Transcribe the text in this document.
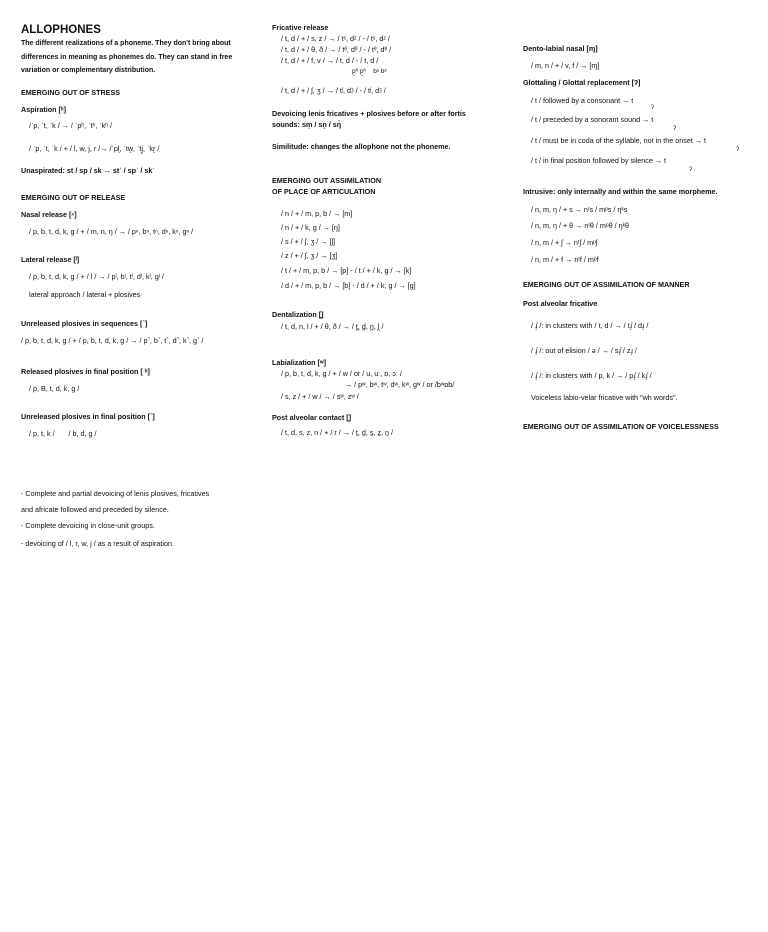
ALLOPHONES
The different realizations of a phoneme. They don't bring about
differences in meaning as phonemes do. They can stand in free
variation or complementary distribution.
EMERGING OUT OF STRESS
Aspiration [ʰ]
/ˈp, ˈt, ˈk / → / ˈpʰ, ˈtʰ, ˈkʰ /
/ ˈp, ˈt, ˈk / + / l, w, j, r /→ /ˈpl̥, ˈtw̥, ˈtj̥, ˈkr̥ /
Unaspirated: st / sp / sk → stˈ / spˈ / skˈ
EMERGING OUT OF RELEASE
Nasal release [ⁿ]
/ p, b, t, d, k, g / + / m, n, ŋ / → / pⁿ, bⁿ, tⁿ, dⁿ, kⁿ, gⁿ /
Lateral release [ˡ]
/ p, b, t, d, k, g / + / l / → / pˡ, bˡ, tˡ, dˡ, kˡ, gˡ /
lateral approach / lateral + plosives
Unreleased plosives in sequences [˺]
/ p, b, t, d, k, g / + / p, b, t, d, k, g / → / p˺, b˺, t˺, d˺, k˺, g˺ /
Released plosives in final position [ ʰ]
/ p, B, t, d, k, g /
Unreleased plosives in final position [˺]
/ p, t, k /       / b, d, g /
- Complete and partial devoicing of lenis plosives, fricatives
and africate followed and preceded by silence.
- Complete devoicing in close-unit groups.
- devoicing of / l, r, w, j / as a result of aspiration.
Fricative release
/ t, d / + / s, z / → / tˢ, dᶻ / - / tˢ, dᶻ /
/ t, d / + / θ, ð / → / tᶿ, dᶿ / - / tᶿ, dᶿ /
/ t, d / + / f, v / → / t, d / - / t, d /
p̥ʰ p̥ʰ    bˢ bᶻ
/ t, d / + / ʃ, ʒ / → / tᶴ, dᶾ / - / tᶴ, dᶾ /
Devoicing lenis fricatives + plosives before or after fortis
sounds: sm̥ / sn̥ / sŋ̊
Similitude: changes the allophone not the phoneme.
EMERGING OUT ASSIMILATION
OF PLACE OF ARTICULATION
/ n / + / m, p, b / → [m]
/ n / + / k, g / → [ŋ]
/ s / + / ʃ, ʒ / → [ʃ]
/ z / + / ʃ, ʒ / → [ʒ]
/ t / + / m, p, b / → [p] - / t / + / k, g / → [k]
/ d / + / m, p, b / → [b] - / d / + / k, g / → [g]
Dentalization [̪]
/ t, d, n, l / + / θ, ð / → / t̪, d̪, n̪, l̪ /
Labialization [ʷ]
/ p, b, t, d, k, g / + / w / or / u, uː, ɒ, ɔː /
→ / pʷ, bʷ, tʷ, dʷ, kʷ, gʷ / or /bʷɒb/
/ s, z / + / w / → / sʷ, zʷ /
Post alveolar contact [̠]
/ t, d, s, z, n / + / r / → / t̠, d̠, s̠, z̠, n̠ /
Dento-labial nasal [ɱ]
/ m, n / + / v, f / → [ɱ]
Glottaling / Glottal replacement [ʔ]
/ t / followed by a consonant → t
ʔ
/ t / preceded by a sonorant sound → t
ʔ
/ t / must be in coda of the syllable, not in the onset → t
ʔ
/ t / in final position followed by silence → t
ʔ
Intrusive: only internally and within the same morpheme.
/ n, m, ŋ / + s → nᵗs / mᵖs / ŋᵏs
/ n, m, ŋ / + θ → nᵗθ / mᵖθ / ŋᵏθ
/ n, m / + ʃ → nᵗʃ / mᵖʃ
/ n, m / + f → nᵗf / mᵖf
EMERGING OUT OF ASSIMILATION OF MANNER
Post alveolar fricative
/ ɹ̝̊ /: in clusters with / t, d / → / tɹ̝̊ / dɹ̝ /
/ ɹ̝̊ /: out of elision / ə / → / sɹ̝̊ / zɹ̝ /
/ ɹ̝̊ /: in clusters with / p, k / → / pɹ̝̊ / kɹ̝̊ /
Voiceless labio-velar fricative with "wh words".
EMERGING OUT OF ASSIMILATION OF VOICELESSNESS
